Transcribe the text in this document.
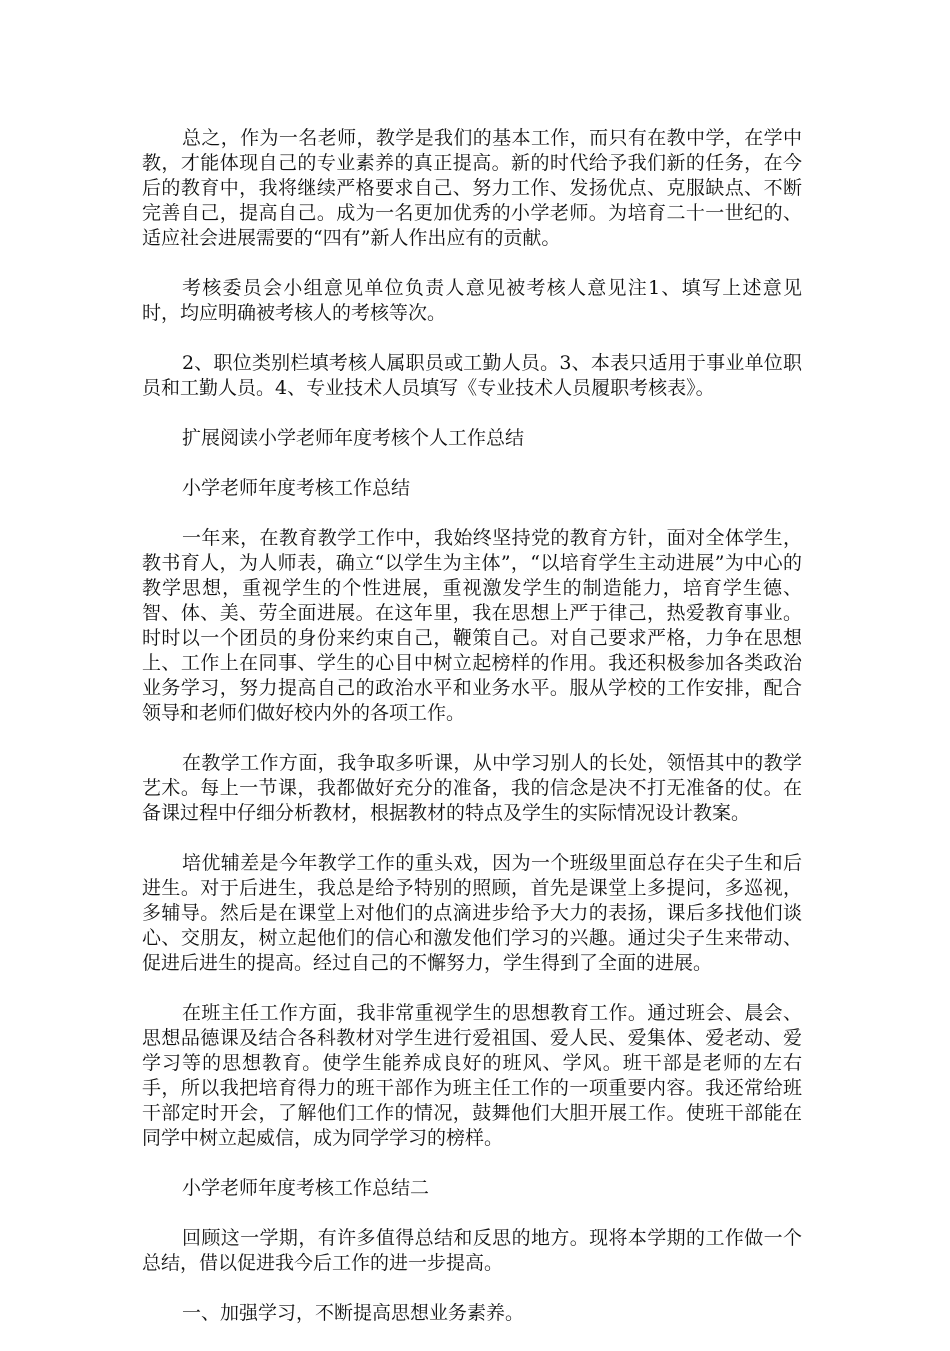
总之，作为一名老师，教学是我们的基本工作，而只有在教中学，在学中教，才能体现自己的专业素养的真正提高。新的时代给予我们新的任务，在今后的教育中，我将继续严格要求自己、努力工作、发扬优点、克服缺点、不断完善自己，提高自己。成为一名更加优秀的小学老师。为培育二十一世纪的、适应社会进展需要的“四有”新人作出应有的贡献。

考核委员会小组意见单位负责人意见被考核人意见注1、填写上述意见时，均应明确被考核人的考核等次。

2、职位类别栏填考核人属职员或工勤人员。3、本表只适用于事业单位职员和工勤人员。4、专业技术人员填写《专业技术人员履职考核表》。

扩展阅读小学老师年度考核个人工作总结

小学老师年度考核工作总结

一年来，在教育教学工作中，我始终坚持党的教育方针，面对全体学生，教书育人，为人师表，确立“以学生为主体”，“以培育学生主动进展”为中心的教学思想，重视学生的个性进展，重视激发学生的制造能力，培育学生德、智、体、美、劳全面进展。在这年里，我在思想上严于律己，热爱教育事业。时时以一个团员的身份来约束自己，鞭策自己。对自己要求严格，力争在思想上、工作上在同事、学生的心目中树立起榜样的作用。我还积极参加各类政治业务学习，努力提高自己的政治水平和业务水平。服从学校的工作安排，配合领导和老师们做好校内外的各项工作。

在教学工作方面，我争取多听课，从中学习别人的长处，领悟其中的教学艺术。每上一节课，我都做好充分的准备，我的信念是决不打无准备的仗。在备课过程中仔细分析教材，根据教材的特点及学生的实际情况设计教案。

培优辅差是今年教学工作的重头戏，因为一个班级里面总存在尖子生和后进生。对于后进生，我总是给予特别的照顾，首先是课堂上多提问，多巡视，多辅导。然后是在课堂上对他们的点滴进步给予大力的表扬，课后多找他们谈心、交朋友，树立起他们的信心和激发他们学习的兴趣。通过尖子生来带动、促进后进生的提高。经过自己的不懈努力，学生得到了全面的进展。

在班主任工作方面，我非常重视学生的思想教育工作。通过班会、晨会、思想品德课及结合各科教材对学生进行爱祖国、爱人民、爱集体、爱老动、爱学习等的思想教育。使学生能养成良好的班风、学风。班干部是老师的左右手，所以我把培育得力的班干部作为班主任工作的一项重要内容。我还常给班干部定时开会，了解他们工作的情况，鼓舞他们大胆开展工作。使班干部能在同学中树立起威信，成为同学学习的榜样。

小学老师年度考核工作总结二

回顾这一学期，有许多值得总结和反思的地方。现将本学期的工作做一个总结，借以促进我今后工作的进一步提高。

一、加强学习，不断提高思想业务素养。
